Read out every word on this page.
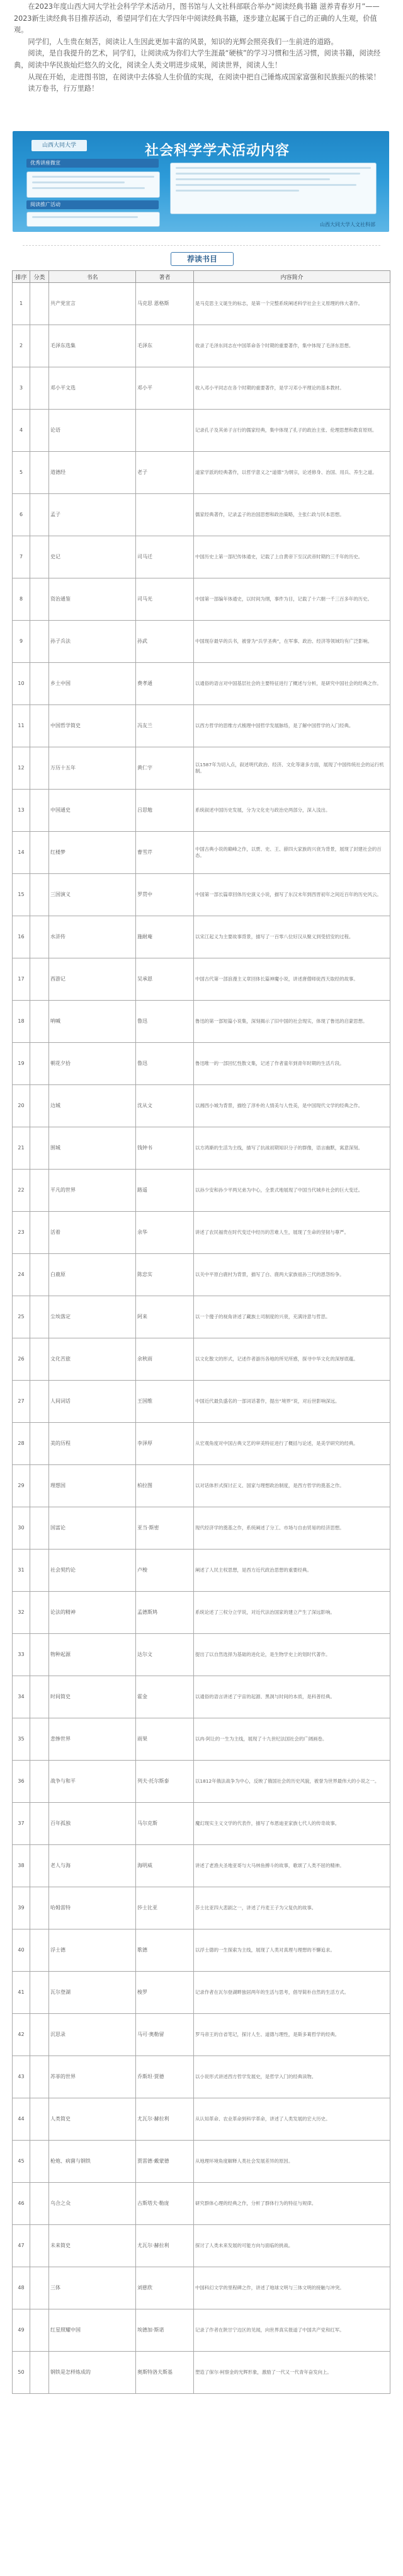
在2023年度山西大同大学社会科学学术活动月，图书馆与人文社科部联合举办“阅读经典书籍 滋养青春岁月”——2023新生读经典书目推荐活动，希望同学们在大学四年中阅读经典书籍，逐步建立起属于自己的正确的人生观，价值观。

同学们，人生贵在刻苦，阅读让人生因此更加丰富的风景，知识的光辉会照亮我们一生前进的道路。

阅读，是自我提升的艺术，同学们，让阅读成为你们大学生涯最“硬核”的学习习惯和生活习惯，阅读书籍，阅读经典，阅读中华民族灿烂悠久的文化，阅读全人类文明进步成果，阅读世界，阅读人生！

从现在开始，走进图书馆，在阅读中去体验人生价值的实现，在阅读中把自己锤炼成国家富强和民族振兴的栋梁！

读万卷书，行万里路！

山西大同大学	社会科学学术活动内容
优秀讲座微宣
阅读推广活动
山西大同大学人文社科部
荐读书目
排序	分类	书名	著者	内容简介
1		共产党宣言	马克思 恩格斯	是马克思主义诞生的标志，是第一个完整系统阐述科学社会主义原理的伟大著作。
2		毛泽东选集	毛泽东	收录了毛泽东同志在中国革命各个时期的重要著作，集中体现了毛泽东思想。
3		邓小平文选	邓小平	收入邓小平同志在各个时期的重要著作，是学习邓小平理论的基本教材。
4		论语		记录孔子及其弟子言行的儒家经典，集中体现了孔子的政治主张、伦理思想和教育原则。
5		道德经	老子	道家学派的经典著作，以哲学意义之“道德”为纲宗，论述修身、治国、用兵、养生之道。
6		孟子		儒家经典著作，记录孟子的治国思想和政治策略，主张仁政与民本思想。
7		史记	司马迁	中国历史上第一部纪传体通史，记载了上自黄帝下至汉武帝时期约三千年的历史。
8		资治通鉴	司马光	中国第一部编年体通史，以时间为纲，事件为目，记载了十六朝一千三百多年的历史。
9		孙子兵法	孙武	中国现存最早的兵书，被誉为“兵学圣典”，在军事、政治、经济等领域均有广泛影响。
10		乡土中国	费孝通	以通俗的语言对中国基层社会的主要特征进行了概述与分析，是研究中国社会的经典之作。
11		中国哲学简史	冯友兰	以西方哲学的思维方式梳理中国哲学发展脉络，是了解中国哲学的入门经典。
12		万历十五年	黄仁宇	以1587年为切入点，叙述明代政治、经济、文化等诸多方面，展现了中国传统社会的运行机制。
13		中国通史	吕思勉	系统叙述中国历史发展，分为文化史与政治史两部分，深入浅出。
14		红楼梦	曹雪芹	中国古典小说的巅峰之作，以贾、史、王、薛四大家族的兴衰为背景，展现了封建社会的百态。
15		三国演义	罗贯中	中国第一部长篇章回体历史演义小说，描写了东汉末年到西晋初年之间近百年的历史风云。
16		水浒传	施耐庵	以宋江起义为主要故事背景，描写了一百零八位好汉从聚义到受招安的过程。
17		西游记	吴承恩	中国古代第一部浪漫主义章回体长篇神魔小说，讲述唐僧师徒西天取经的故事。
18		呐喊	鲁迅	鲁迅的第一部短篇小说集，深刻揭示了旧中国的社会现实，体现了鲁迅的启蒙思想。
19		朝花夕拾	鲁迅	鲁迅唯一的一部回忆性散文集，记述了作者童年到青年时期的生活片段。
20		边城	沈从文	以湘西小城为背景，描绘了淳朴的人情美与人性美，是中国现代文学的经典之作。
21		围城	钱钟书	以方鸿渐的生活为主线，描写了抗战初期知识分子的群像，语言幽默，寓意深刻。
22		平凡的世界	路遥	以孙少安和孙少平两兄弟为中心，全景式地展现了中国当代城乡社会的巨大变迁。
23		活着	余华	讲述了农民福贵在时代变迁中经历的苦难人生，展现了生命的坚韧与尊严。
24		白鹿原	陈忠实	以关中平原白鹿村为背景，描写了白、鹿两大家族祖孙三代的恩怨纷争。
25		尘埃落定	阿来	以一个傻子的视角讲述了藏族土司制度的兴衰，充满诗意与哲思。
26		文化苦旅	余秋雨	以文化散文的形式，记述作者游历各地的所见所感，探寻中华文化的深厚底蕴。
27		人间词话	王国维	中国近代最负盛名的一部词话著作，提出“境界”说，对后世影响深远。
28		美的历程	李泽厚	从宏观角度对中国古典文艺的审美特征进行了概括与论述，是美学研究的经典。
29		理想国	柏拉图	以对话体形式探讨正义、国家与理想政治制度，是西方哲学的奠基之作。
30		国富论	亚当·斯密	现代经济学的奠基之作，系统阐述了分工、市场与自由贸易的经济思想。
31		社会契约论	卢梭	阐述了人民主权思想，是西方近代政治思想的重要经典。
32		论法的精神	孟德斯鸠	系统论述了三权分立学说，对近代法治国家的建立产生了深远影响。
33		物种起源	达尔文	提出了以自然选择为基础的进化论，是生物学史上的划时代著作。
34		时间简史	霍金	以通俗的语言讲述了宇宙的起源、黑洞与时间的本质，是科普经典。
35		悲惨世界	雨果	以冉·阿让的一生为主线，展现了十九世纪法国社会的广阔画卷。
36		战争与和平	列夫·托尔斯泰	以1812年俄法战争为中心，反映了俄国社会的历史风貌，被誉为世界最伟大的小说之一。
37		百年孤独	马尔克斯	魔幻现实主义文学的代表作，描写了布恩迪亚家族七代人的传奇故事。
38		老人与海	海明威	讲述了老渔夫圣地亚哥与大马林鱼搏斗的故事，歌颂了人类不屈的精神。
39		哈姆雷特	莎士比亚	莎士比亚四大悲剧之一，讲述了丹麦王子为父复仇的故事。
40		浮士德	歌德	以浮士德的一生探索为主线，展现了人类对真理与理想的不懈追求。
41		瓦尔登湖	梭罗	记录作者在瓦尔登湖畔独居两年的生活与思考，倡导简朴自然的生活方式。
42		沉思录	马可·奥勒留	罗马帝王的自省笔记，探讨人生、道德与理性，是斯多葛哲学的经典。
43		苏菲的世界	乔斯坦·贾德	以小说形式讲述西方哲学发展史，是哲学入门的经典读物。
44		人类简史	尤瓦尔·赫拉利	从认知革命、农业革命到科学革命，讲述了人类发展的宏大历史。
45		枪炮、病菌与钢铁	贾雷德·戴蒙德	从地理环境角度解释人类社会发展差异的原因。
46		乌合之众	古斯塔夫·勒庞	研究群体心理的经典之作，分析了群体行为的特征与规律。
47		未来简史	尤瓦尔·赫拉利	探讨了人类未来发展的可能方向与面临的挑战。
48		三体	刘慈欣	中国科幻文学的里程碑之作，讲述了地球文明与三体文明的接触与冲突。
49		红星照耀中国	埃德加·斯诺	记录了作者在陕甘宁边区的见闻，向世界真实报道了中国共产党和红军。
50		钢铁是怎样炼成的	奥斯特洛夫斯基	塑造了保尔·柯察金的光辉形象，激励了一代又一代青年奋发向上。
